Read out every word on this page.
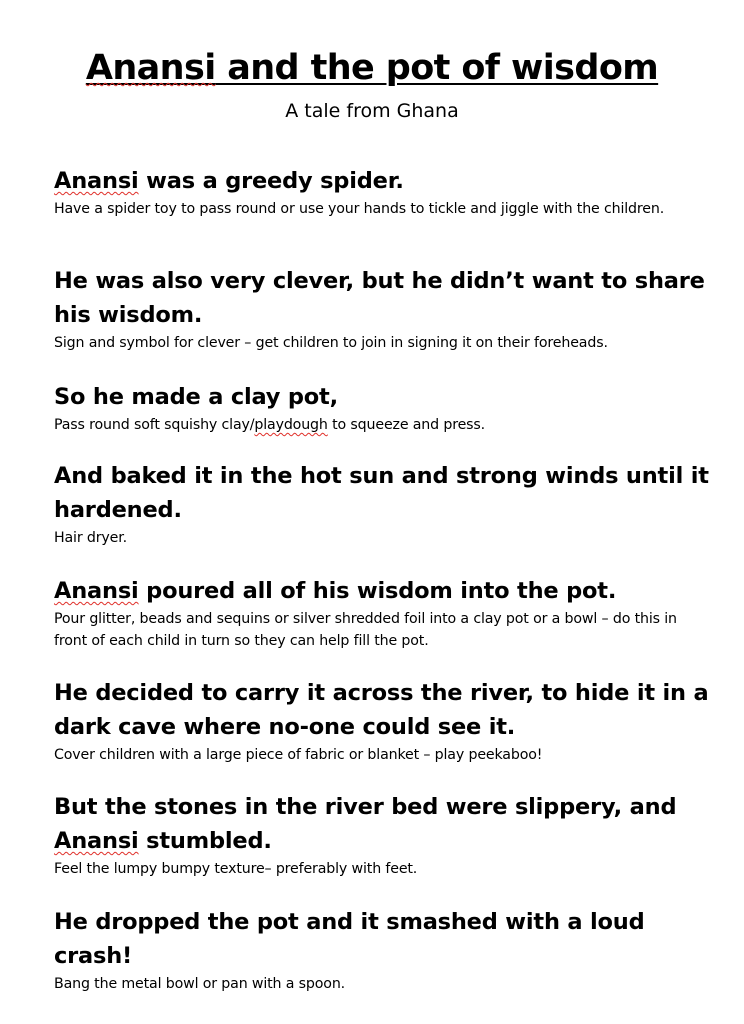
Anansi and the pot of wisdom

A tale from Ghana

Anansi was a greedy spider.

Have a spider toy to pass round or use your hands to tickle and jiggle with the children.

He was also very clever, but he didn’t want to share his wisdom.

Sign and symbol for clever – get children to join in signing it on their foreheads.

So he made a clay pot,

Pass round soft squishy clay/playdough to squeeze and press.

And baked it in the hot sun and strong winds until it hardened.

Hair dryer.

Anansi poured all of his wisdom into the pot.

Pour glitter, beads and sequins or silver shredded foil into a clay pot or a bowl – do this in front of each child in turn so they can help fill the pot.

He decided to carry it across the river, to hide it in a dark cave where no-one could see it.

Cover children with a large piece of fabric or blanket – play peekaboo!

But the stones in the river bed were slippery, and Anansi stumbled.

Feel the lumpy bumpy texture– preferably with feet.

He dropped the pot and it smashed with a loud crash!

Bang the metal bowl or pan with a spoon.
